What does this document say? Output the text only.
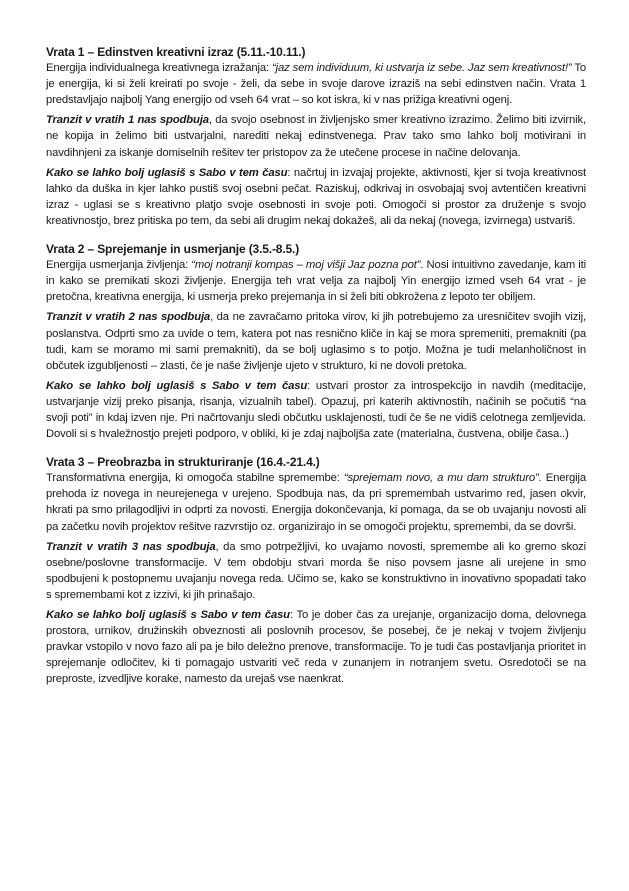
Vrata 1 – Edinstven kreativni izraz (5.11.-10.11.)

Energija individualnega kreativnega izražanja: “jaz sem individuum, ki ustvarja iz sebe. Jaz sem kreativnost!” To je energija, ki si želi kreirati po svoje - želi, da sebe in svoje darove izraziš na sebi edinstven način. Vrata 1 predstavljajo najbolj Yang energijo od vseh 64 vrat – so kot iskra, ki v nas prižiga kreativni ogenj.

Tranzit v vratih 1 nas spodbuja, da svojo osebnost in življenjsko smer kreativno izrazimo. Želimo biti izvirnik, ne kopija in želimo biti ustvarjalni, narediti nekaj edinstvenega. Prav tako smo lahko bolj motivirani in navdihnjeni za iskanje domiselnih rešitev ter pristopov za že utečene procese in načine delovanja.

Kako se lahko bolj uglasiš s Sabo v tem času: načrtuj in izvajaj projekte, aktivnosti, kjer si tvoja kreativnost lahko da duška in kjer lahko pustiš svoj osebni pečat. Raziskuj, odkrivaj in osvobajaj svoj avtentičen kreativni izraz - uglasi se s kreativno platjo svoje osebnosti in svoje poti. Omogoči si prostor za druženje s svojo kreativnostjo, brez pritiska po tem, da sebi ali drugim nekaj dokažeš, ali da nekaj (novega, izvirnega) ustvariš.

Vrata 2 – Sprejemanje in usmerjanje (3.5.-8.5.)

Energija usmerjanja življenja: “moj notranji kompas – moj višji Jaz pozna pot”. Nosi intuitivno zavedanje, kam iti in kako se premikati skozi življenje. Energija teh vrat velja za najbolj Yin energijo izmed vseh 64 vrat - je pretočna, kreativna energija, ki usmerja preko prejemanja in si želi biti obkrožena z lepoto ter obiljem.

Tranzit v vratih 2 nas spodbuja, da ne zavračamo pritoka virov, ki jih potrebujemo za uresničitev svojih vizij, poslanstva. Odprti smo za uvide o tem, katera pot nas resnično kliče in kaj se mora spremeniti, premakniti (pa tudi, kam se moramo mi sami premakniti), da se bolj uglasimo s to potjo. Možna je tudi melanholičnost in občutek izgubljenosti – zlasti, če je naše življenje ujeto v strukturo, ki ne dovoli pretoka.

Kako se lahko bolj uglasiš s Sabo v tem času: ustvari prostor za introspekcijo in navdih (meditacije, ustvarjanje vizij preko pisanja, risanja, vizualnih tabel). Opazuj, pri katerih aktivnostih, načinih se počutiš “na svoji poti” in kdaj izven nje. Pri načrtovanju sledi občutku usklajenosti, tudi če še ne vidiš celotnega zemljevida. Dovoli si s hvaležnostjo prejeti podporo, v obliki, ki je zdaj najboljša zate (materialna, čustvena, obilje časa..)

Vrata 3 – Preobrazba in strukturiranje (16.4.-21.4.)

Transformativna energija, ki omogoča stabilne spremembe: “sprejemam novo, a mu dam strukturo”. Energija prehoda iz novega in neurejenega v urejeno. Spodbuja nas, da pri spremembah ustvarimo red, jasen okvir, hkrati pa smo prilagodljivi in odprti za novosti. Energija dokončevanja, ki pomaga, da se ob uvajanju novosti ali pa začetku novih projektov rešitve razvrstijo oz. organizirajo in se omogoči projektu, spremembi, da se dovrši.

Tranzit v vratih 3 nas spodbuja, da smo potrpežljivi, ko uvajamo novosti, spremembe ali ko gremo skozi osebne/poslovne transformacije. V tem obdobju stvari morda še niso povsem jasne ali urejene in smo spodbujeni k postopnemu uvajanju novega reda. Učimo se, kako se konstruktivno in inovativno spopadati tako s spremembami kot z izzivi, ki jih prinašajo.

Kako se lahko bolj uglasiš s Sabo v tem času: To je dober čas za urejanje, organizacijo doma, delovnega prostora, urnikov, družinskih obveznosti ali poslovnih procesov, še posebej, če je nekaj v tvojem življenju pravkar vstopilo v novo fazo ali pa je bilo deležno prenove, transformacije. To je tudi čas postavljanja prioritet in sprejemanje odločitev, ki ti pomagajo ustvariti več reda v zunanjem in notranjem svetu. Osredotoči se na preproste, izvedljive korake, namesto da urejaš vse naenkrat.
